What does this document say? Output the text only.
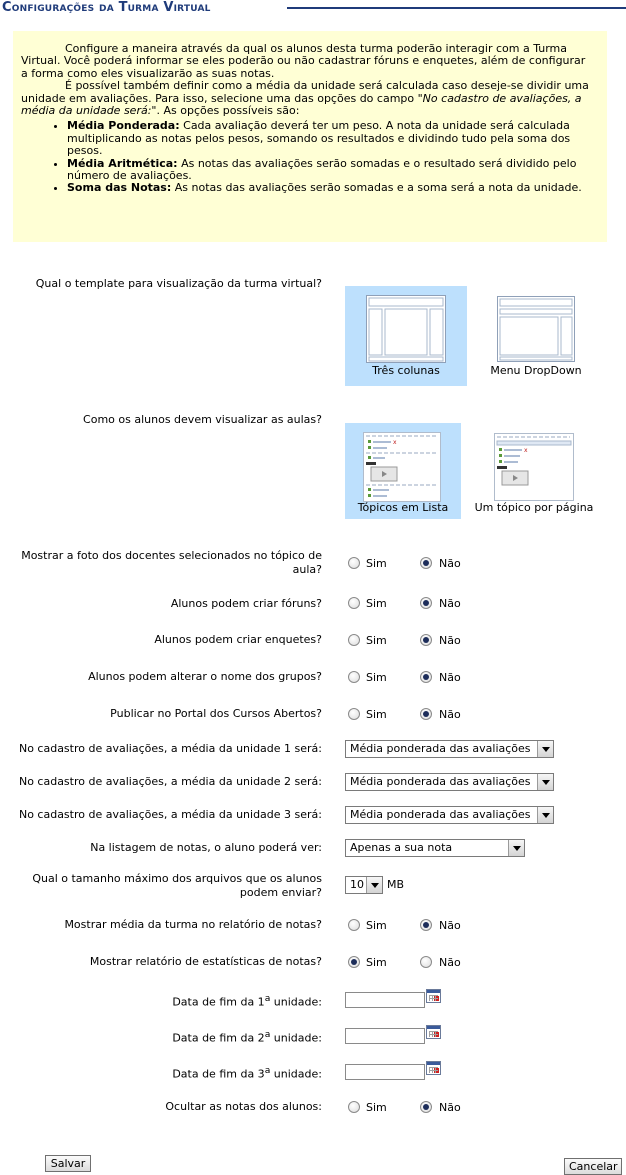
Configurações da Turma Virtual

Configure a maneira através da qual os alunos desta turma poderão interagir com a Turma Virtual. Você poderá informar se eles poderão ou não cadastrar fóruns e enquetes, além de configurar a forma como eles visualizarão as suas notas.

É possível também definir como a média da unidade será calculada caso deseje-se dividir uma unidade em avaliações. Para isso, selecione uma das opções do campo "No cadastro de avaliações, a média da unidade será:". As opções possíveis são:

• Média Ponderada: Cada avaliação deverá ter um peso. A nota da unidade será calculada multiplicando as notas pelos pesos, somando os resultados e dividindo tudo pela soma dos pesos.
• Média Aritmética: As notas das avaliações serão somadas e o resultado será dividido pelo número de avaliações.
• Soma das Notas: As notas das avaliações serão somadas e a soma será a nota da unidade.
Qual o template para visualização da turma virtual?
Três colunas	Menu DropDown
Como os alunos devem visualizar as aulas?
x
Tópicos em Lista
x
Um tópico por página
Mostrar a foto dos docentes selecionados no tópico de
aula?	Sim	Não
Alunos podem criar fóruns?	Sim	Não
Alunos podem criar enquetes?	Sim	Não
Alunos podem alterar o nome dos grupos?	Sim	Não
Publicar no Portal dos Cursos Abertos?	Sim	Não
No cadastro de avaliações, a média da unidade 1 será:	Média ponderada das avaliações
No cadastro de avaliações, a média da unidade 2 será:	Média ponderada das avaliações
No cadastro de avaliações, a média da unidade 3 será:	Média ponderada das avaliações
Na listagem de notas, o aluno poderá ver:	Apenas a sua nota
Qual o tamanho máximo dos arquivos que os alunos
podem enviar?
10	MB
Mostrar média da turma no relatório de notas?	Sim	Não
Mostrar relatório de estatísticas de notas?	Sim	Não
Data de fim da 1$^a$ unidade:
Data de fim da 2$^a$ unidade:
Data de fim da 3$^a$ unidade:
Ocultar as notas dos alunos:	Sim	Não
Salvar	Cancelar
